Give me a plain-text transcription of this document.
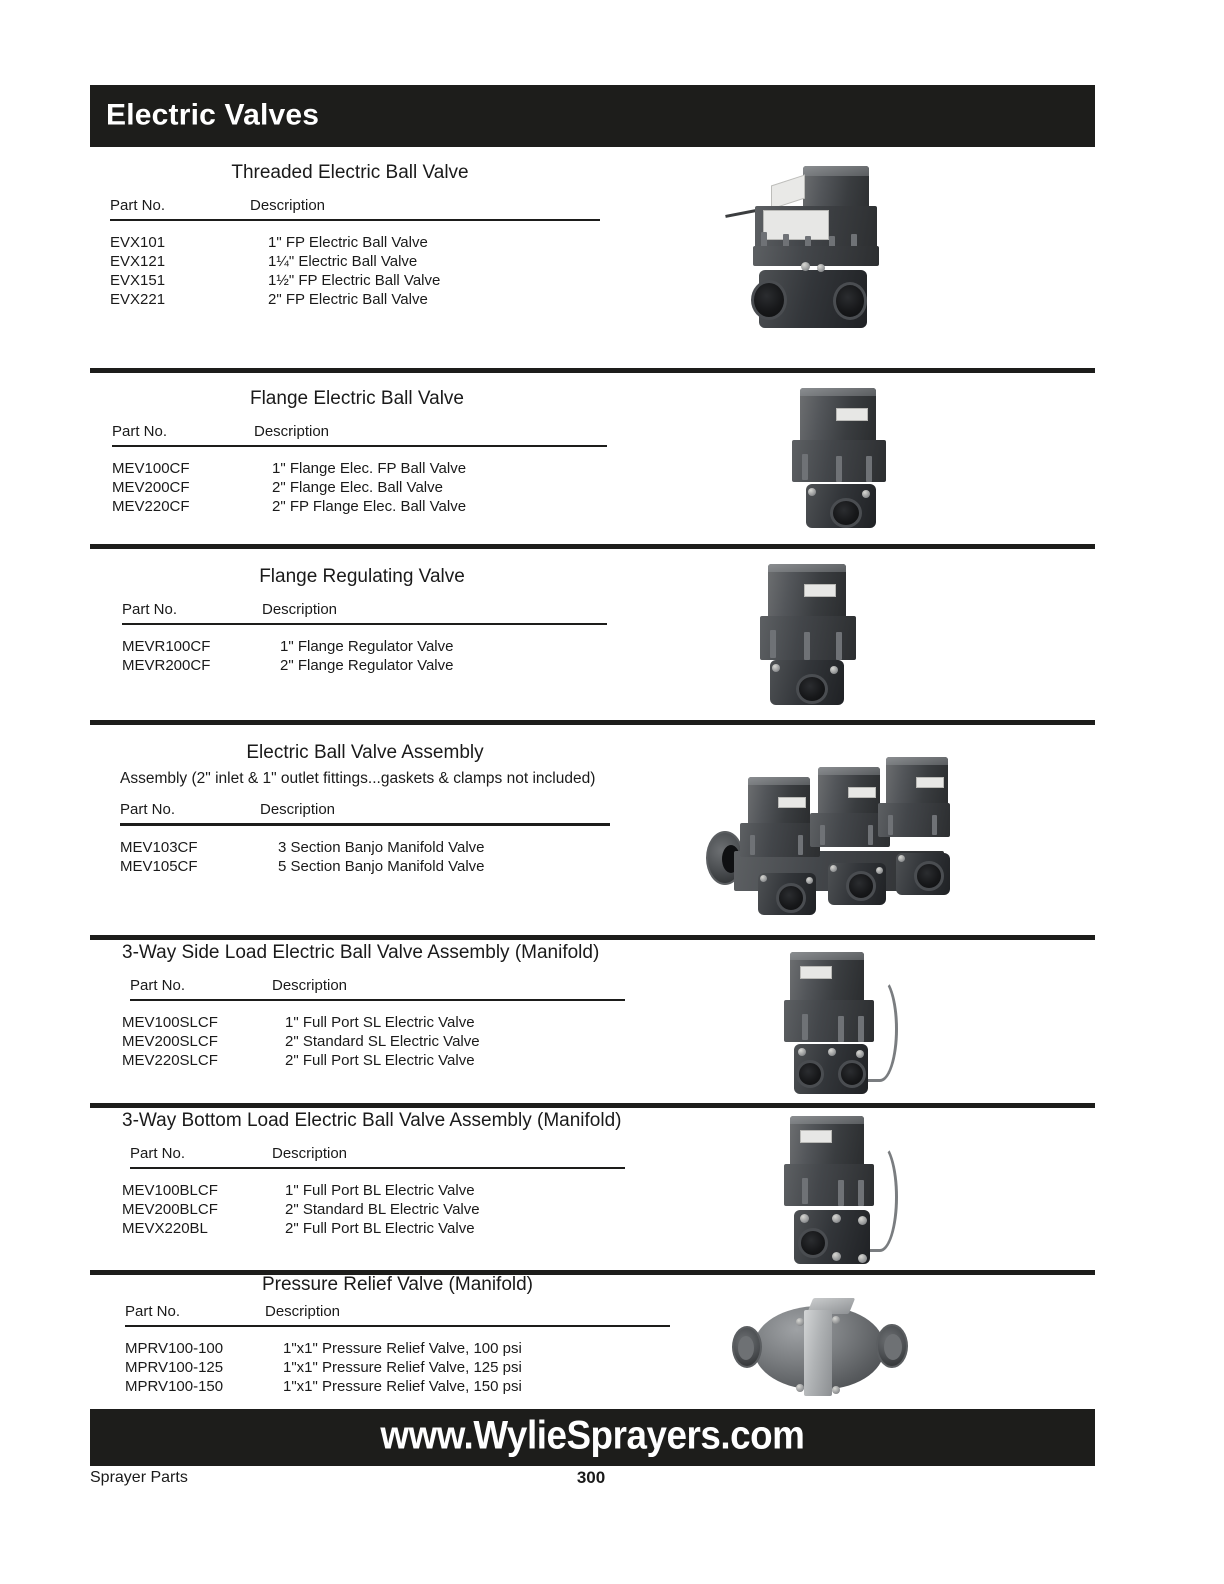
Electric Valves
Threaded Electric Ball Valve
Part No.	Description
EVX101	1" FP Electric Ball Valve
EVX121	1¼" Electric Ball Valve
EVX151	1½" FP Electric Ball Valve
EVX221	2" FP Electric Ball Valve
Flange Electric Ball Valve
Part No.	Description
MEV100CF	1" Flange Elec. FP Ball Valve
MEV200CF	2" Flange Elec. Ball Valve
MEV220CF	2" FP Flange Elec. Ball Valve
Flange Regulating Valve
Part No.	Description
MEVR100CF	1" Flange Regulator Valve
MEVR200CF	2" Flange Regulator Valve
Electric Ball Valve Assembly
Assembly (2" inlet & 1" outlet fittings...gaskets & clamps not included)
Part No.	Description
MEV103CF	3 Section Banjo Manifold Valve
MEV105CF	5 Section Banjo Manifold Valve
3-Way Side Load Electric Ball Valve Assembly (Manifold)
Part No.	Description
MEV100SLCF	1" Full Port SL Electric Valve
MEV200SLCF	2" Standard SL Electric Valve
MEV220SLCF	2" Full Port SL Electric Valve
3-Way Bottom Load Electric Ball Valve Assembly (Manifold)
Part No.	Description
MEV100BLCF	1" Full Port BL Electric Valve
MEV200BLCF	2" Standard BL Electric Valve
MEVX220BL	2" Full Port BL Electric Valve
Pressure Relief Valve (Manifold)
Part No.	Description
MPRV100-100	1"x1" Pressure Relief Valve, 100 psi
MPRV100-125	1"x1" Pressure Relief Valve, 125 psi
MPRV100-150	1"x1" Pressure Relief Valve, 150 psi
www.WylieSprayers.com
Sprayer Parts	300
